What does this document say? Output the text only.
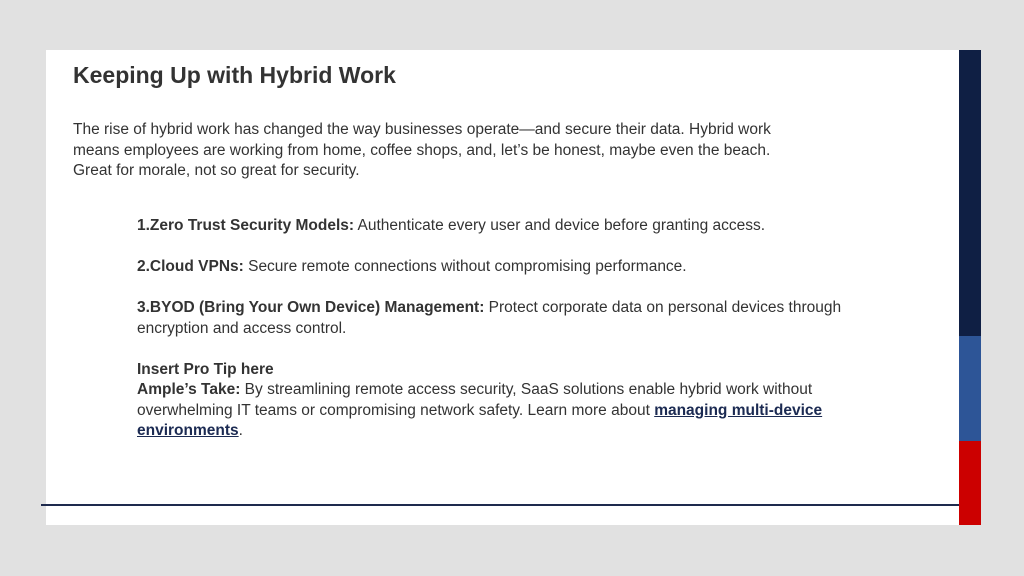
Keeping Up with Hybrid Work

The rise of hybrid work has changed the way businesses operate—and secure their data. Hybrid work means employees are working from home, coffee shops, and, let’s be honest, maybe even the beach. Great for morale, not so great for security.

1.Zero Trust Security Models: Authenticate every user and device before granting access.

2.Cloud VPNs: Secure remote connections without compromising performance.

3.BYOD (Bring Your Own Device) Management: Protect corporate data on personal devices through encryption and access control.

Insert Pro Tip here

Ample’s Take: By streamlining remote access security, SaaS solutions enable hybrid work without overwhelming IT teams or compromising network safety. Learn more about managing multi-device environments.
